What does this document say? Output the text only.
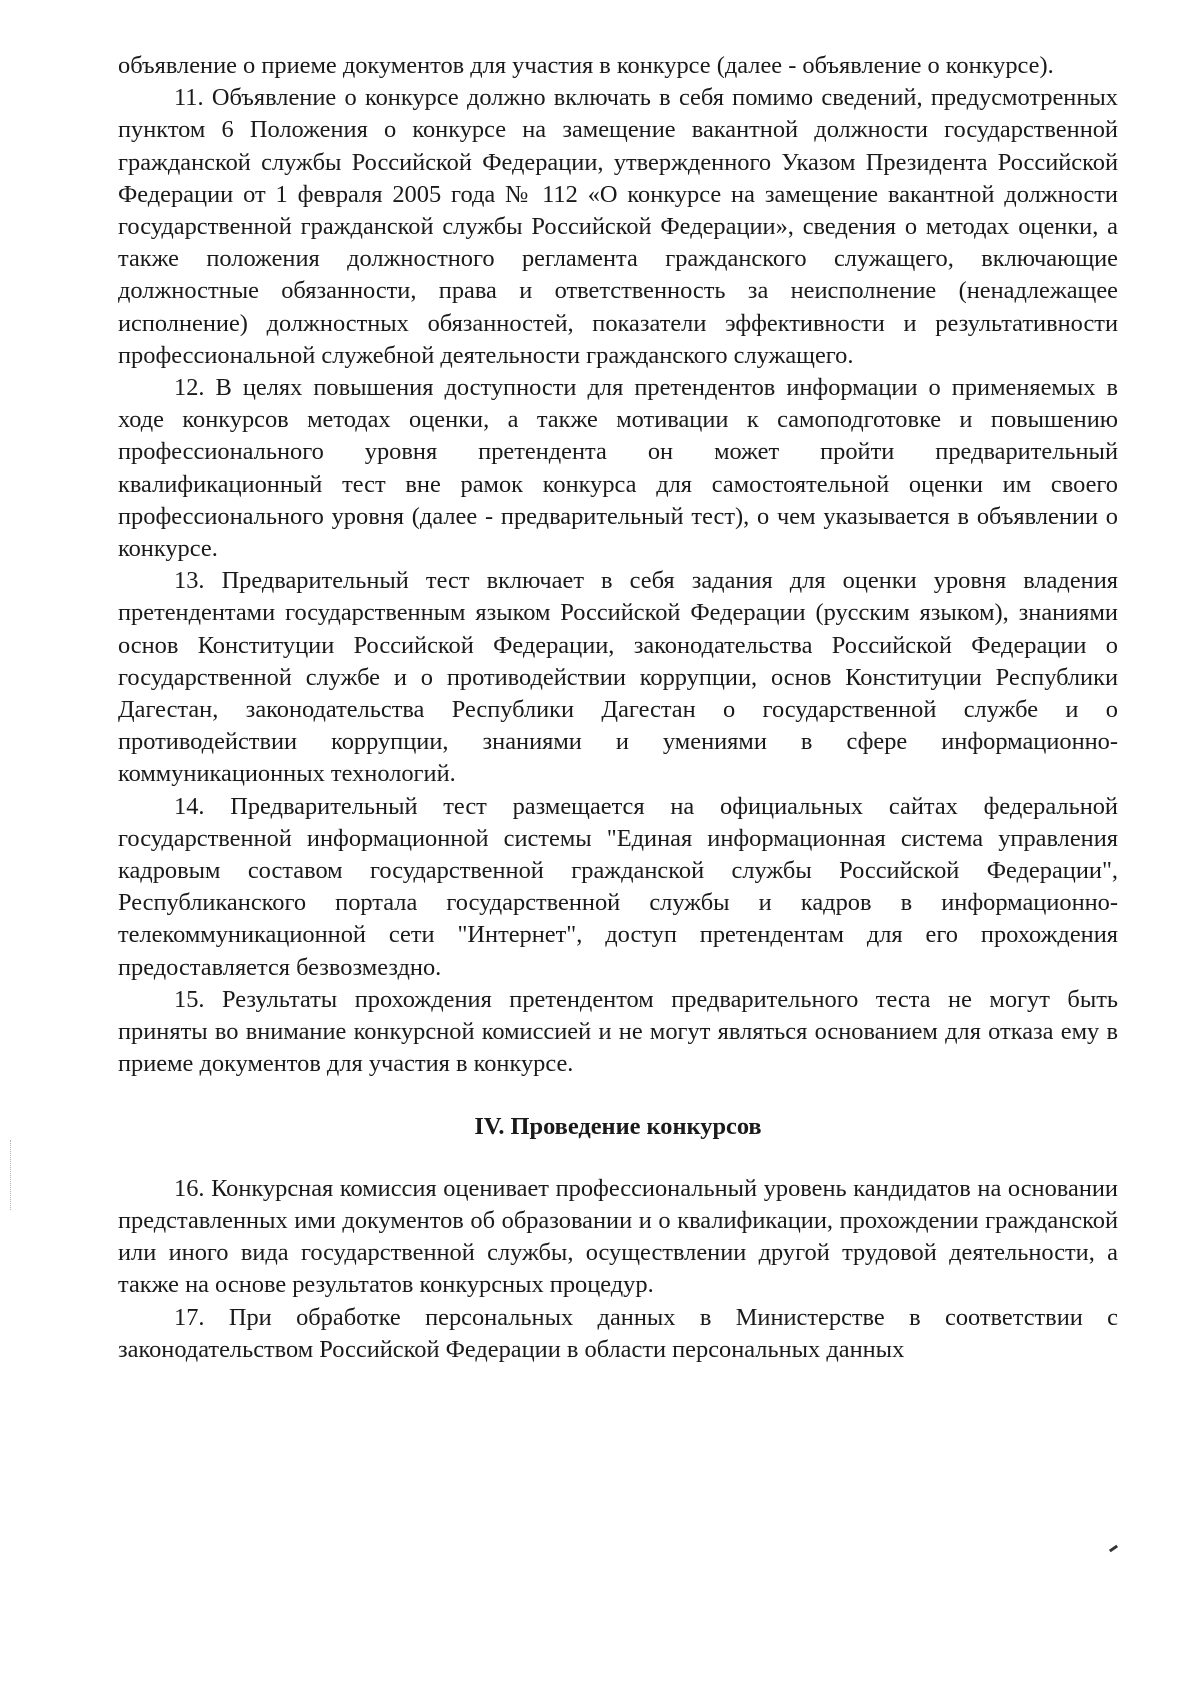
объявление о приеме документов для участия в конкурсе (далее - объявление о конкурсе).

11. Объявление о конкурсе должно включать в себя помимо сведений, предусмотренных пунктом 6 Положения о конкурсе на замещение вакантной должности государственной гражданской службы Российской Федерации, утвержденного Указом Президента Российской Федерации от 1 февраля 2005 года № 112 «О конкурсе на замещение вакантной должности государственной гражданской службы Российской Федерации», сведения о методах оценки, а также положения должностного регламента гражданского служащего, включающие должностные обязанности, права и ответственность за неисполнение (ненадлежащее исполнение) должностных обязанностей, показатели эффективности и результативности профессиональной служебной деятельности гражданского служащего.

12. В целях повышения доступности для претендентов информации о применяемых в ходе конкурсов методах оценки, а также мотивации к самоподготовке и повышению профессионального уровня претендента он может пройти предварительный квалификационный тест вне рамок конкурса для самостоятельной оценки им своего профессионального уровня (далее - предварительный тест), о чем указывается в объявлении о конкурсе.

13. Предварительный тест включает в себя задания для оценки уровня владения претендентами государственным языком Российской Федерации (русским языком), знаниями основ Конституции Российской Федерации, законодательства Российской Федерации о государственной службе и о противодействии коррупции, основ Конституции Республики Дагестан, законодательства Республики Дагестан о государственной службе и о противодействии коррупции, знаниями и умениями в сфере информационно-коммуникационных технологий.

14. Предварительный тест размещается на официальных сайтах федеральной государственной информационной системы "Единая информационная система управления кадровым составом государственной гражданской службы Российской Федерации", Республиканского портала государственной службы и кадров в информационно-телекоммуникационной сети "Интернет", доступ претендентам для его прохождения предоставляется безвозмездно.

15. Результаты прохождения претендентом предварительного теста не могут быть приняты во внимание конкурсной комиссией и не могут являться основанием для отказа ему в приеме документов для участия в конкурсе.

IV. Проведение конкурсов

16. Конкурсная комиссия оценивает профессиональный уровень кандидатов на основании представленных ими документов об образовании и о квалификации, прохождении гражданской или иного вида государственной службы, осуществлении другой трудовой деятельности, а также на основе результатов конкурсных процедур.

17. При обработке персональных данных в Министерстве в соответствии с законодательством Российской Федерации в области персональных данных
